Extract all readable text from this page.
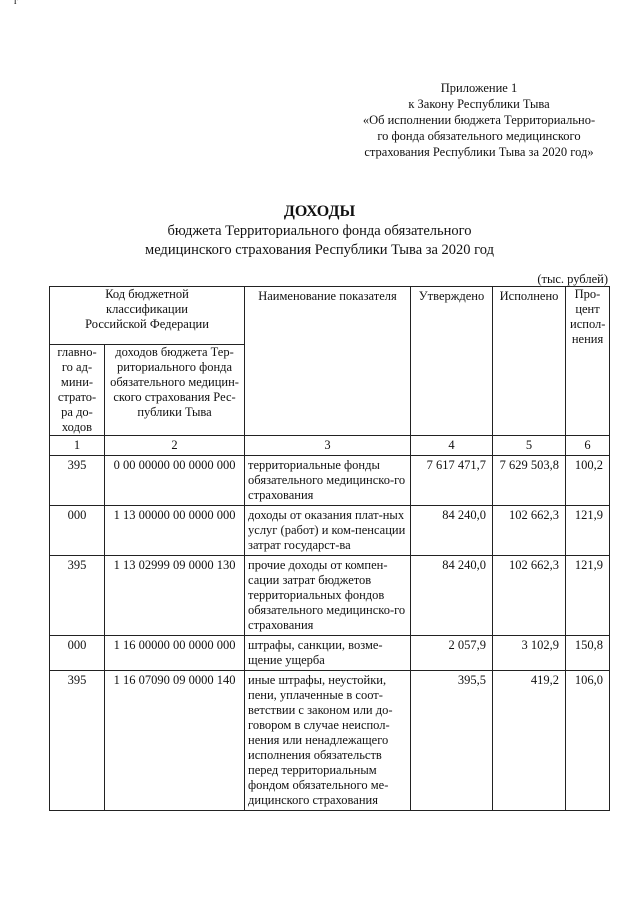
г
Приложение 1
к Закону Республики Тыва
«Об исполнении бюджета Территориально-
го фонда обязательного медицинского
страхования Республики Тыва за 2020 год»
ДОХОДЫ
бюджета Территориального фонда обязательного
медицинского страхования Республики Тыва за 2020 год
(тыс. рублей)
Код бюджетной классификации Российской Федерации		Наименование показателя	Утверждено	Исполнено	Про-цент испол-нения
главно-го ад-мини-страто-ра до-ходов	доходов бюджета Тер-риториального фонда обязательного медицин-ского страхования Рес-публики Тыва				
1	2	3	4	5	6
395	0 00 00000 00 0000 000	территориальные фонды обязательного медицинско-го страхования	7 617 471,7	7 629 503,8	100,2
000	1 13 00000 00 0000 000	доходы от оказания плат-ных услуг (работ) и ком-пенсации затрат государст-ва	84 240,0	102 662,3	121,9
395	1 13 02999 09 0000 130	прочие доходы от компен-сации затрат бюджетов территориальных фондов обязательного медицинско-го страхования	84 240,0	102 662,3	121,9
000	1 16 00000 00 0000 000	штрафы, санкции, возме-щение ущерба	2 057,9	3 102,9	150,8
395	1 16 07090 09 0000 140	иные штрафы, неустойки, пени, уплаченные в соот-ветствии с законом или до-говором в случае неиспол-нения или ненадлежащего исполнения обязательств перед территориальным фондом обязательного ме-дицинского страхования	395,5	419,2	106,0
